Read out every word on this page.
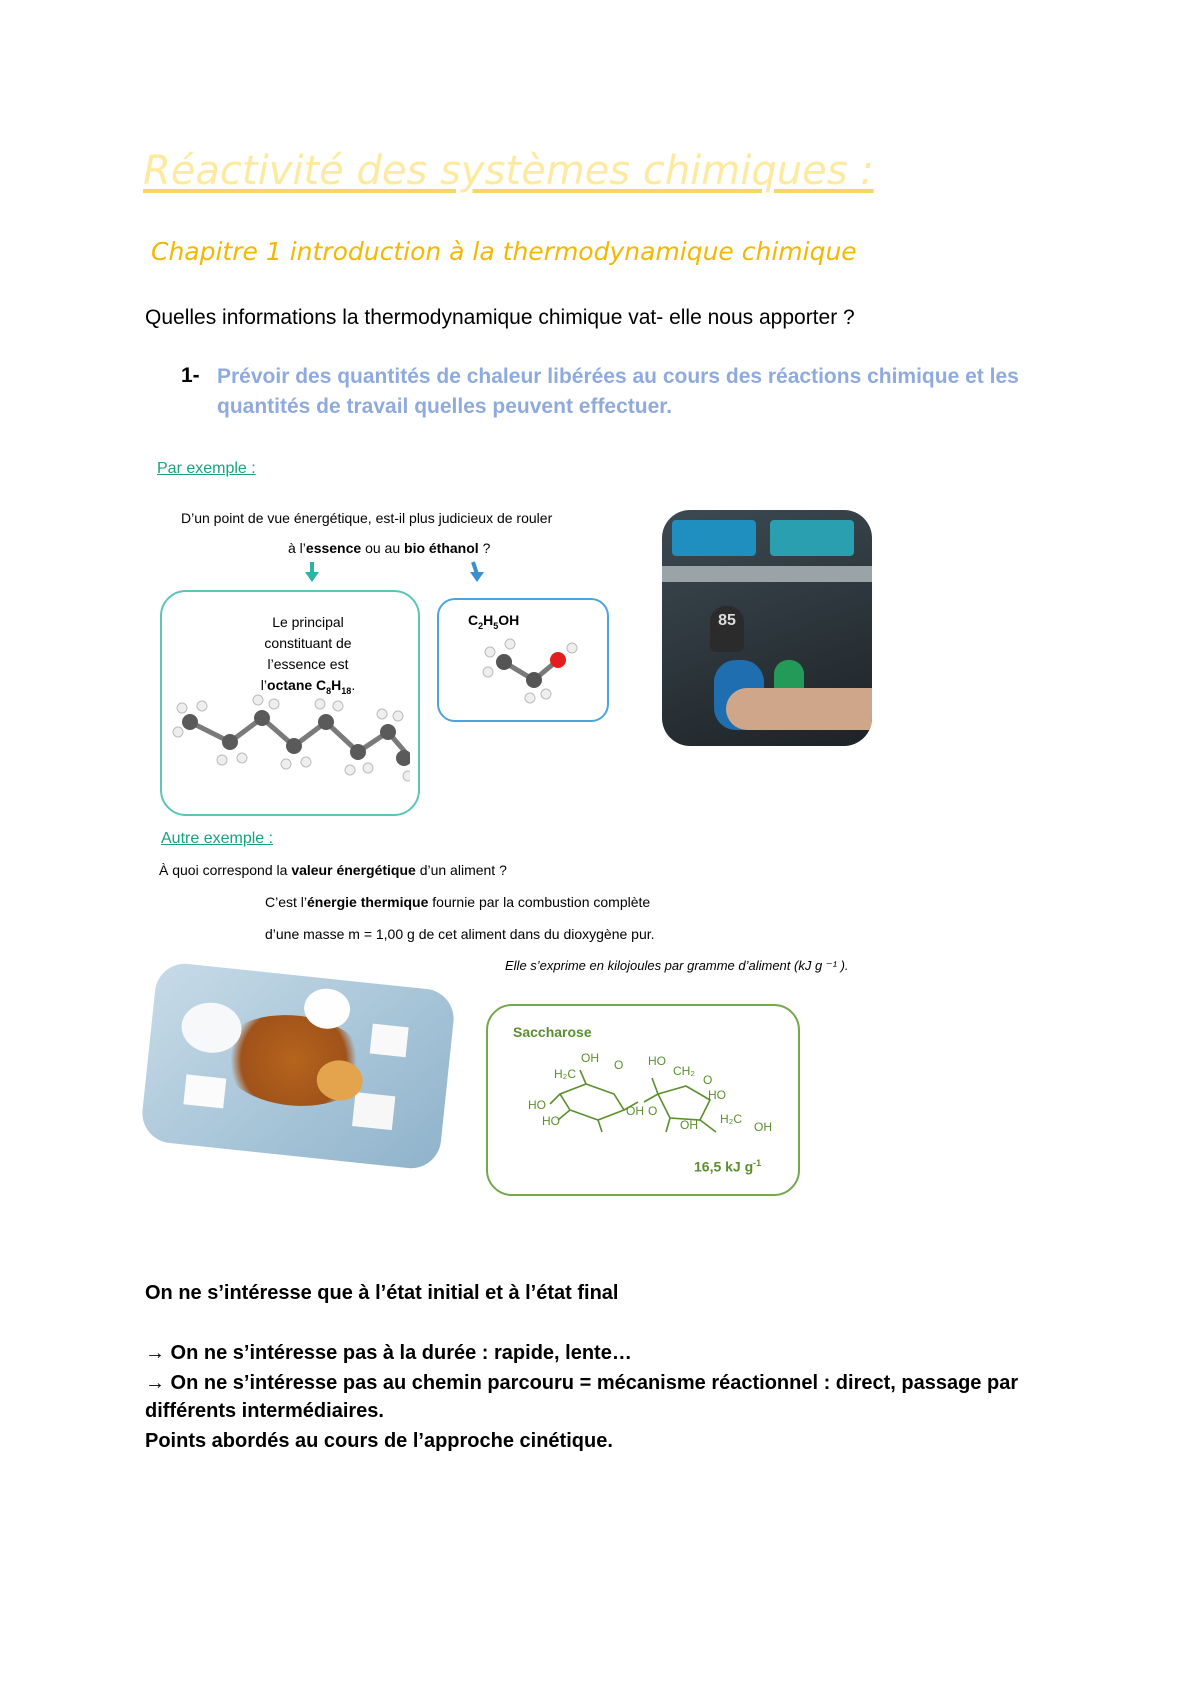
Réactivité des systèmes chimiques :
Chapitre 1 introduction à la thermodynamique chimique
Quelles informations la thermodynamique chimique vat- elle nous apporter ?
1- Prévoir des quantités de chaleur libérées au cours des réactions chimique et les quantités de travail quelles peuvent effectuer.
Par exemple :
D’un point de vue énergétique, est-il plus judicieux de rouler
à l’essence ou au bio éthanol ?
Le principal
constituant de
l’essence est
l’octane $C_8H_{18}$.
$C_2H_5OH$	85
Autre exemple :
À quoi correspond la valeur énergétique d’un aliment ?
C’est l’énergie thermique fournie par la combustion complète
d’une masse m = 1,00 g de cet aliment dans du dioxygène pur.
Elle s’exprime en kilojoules par gramme d’aliment (kJ g ⁻¹ ).
Saccharose
OH
H₂C
O HO
CH₂
O
HO
HO
HO
OH O
OH H₂C
OH
16,5 kJ $g^{-1}$
On ne s’intéresse que à l’état initial et à l’état final
→ On ne s’intéresse pas à la durée : rapide, lente…
→ On ne s’intéresse pas au chemin parcouru = mécanisme réactionnel : direct, passage par
différents intermédiaires.
Points abordés au cours de l’approche cinétique.
